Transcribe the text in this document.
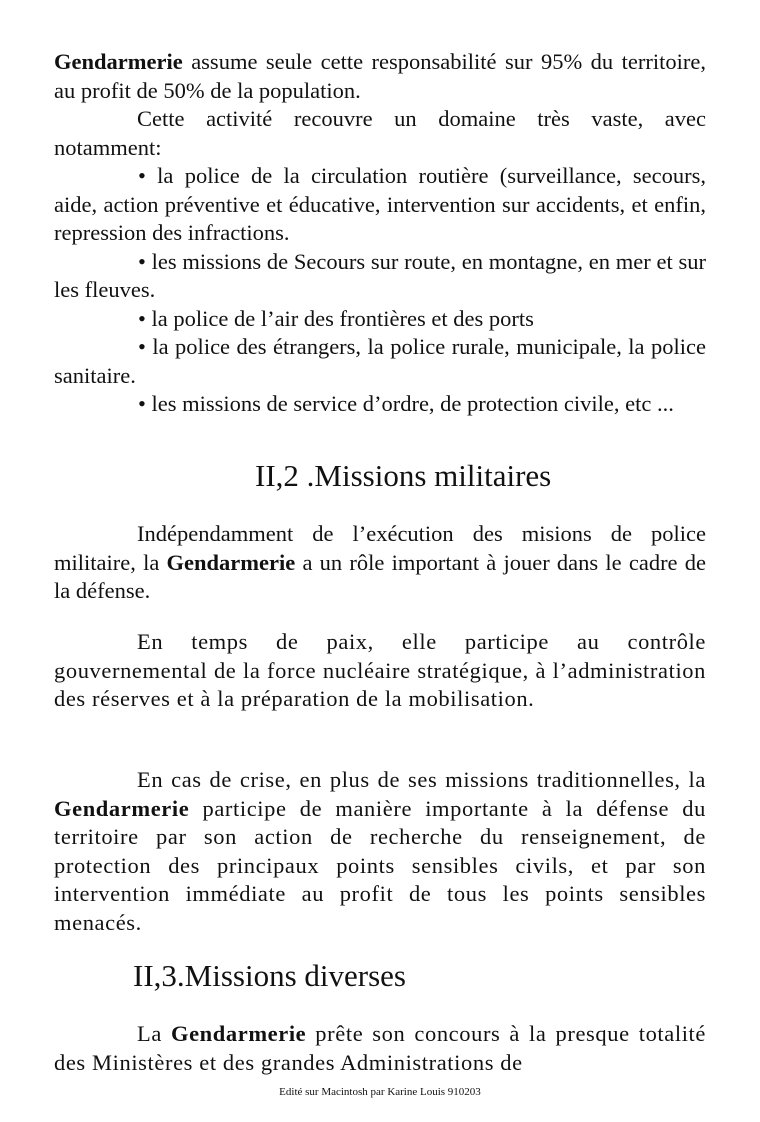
Gendarmerie assume seule cette responsabilité sur 95% du territoire, au profit de 50% de la population.

Cette activité recouvre un domaine très vaste, avec notamment:

• la police de la circulation routière (surveillance, secours, aide, action préventive et éducative, intervention sur accidents, et enfin, repression des infractions.

• les missions de Secours sur route, en montagne, en mer et sur les fleuves.

• la police de l’air des frontières et des ports

• la police des étrangers, la police rurale, municipale, la police sanitaire.

• les missions de service d’ordre, de protection civile, etc ...

II,2 .Missions militaires

Indépendamment de l’exécution des misions de police militaire, la Gendarmerie a un rôle important à jouer dans le cadre de la défense.

En temps de paix, elle participe au contrôle gouvernemental de la force nucléaire stratégique, à l’administration des réserves et à la préparation de la mobilisation.

En cas de crise, en plus de ses missions traditionnelles, la Gendarmerie participe de manière importante à la défense du territoire par son action de recherche du renseignement, de protection des principaux points sensibles civils, et par son intervention immédiate au profit de tous les points sensibles menacés.

II,3.Missions diverses

La Gendarmerie prête son concours à la presque totalité des Ministères et des grandes Administrations de

Edité sur Macintosh par Karine Louis 910203
